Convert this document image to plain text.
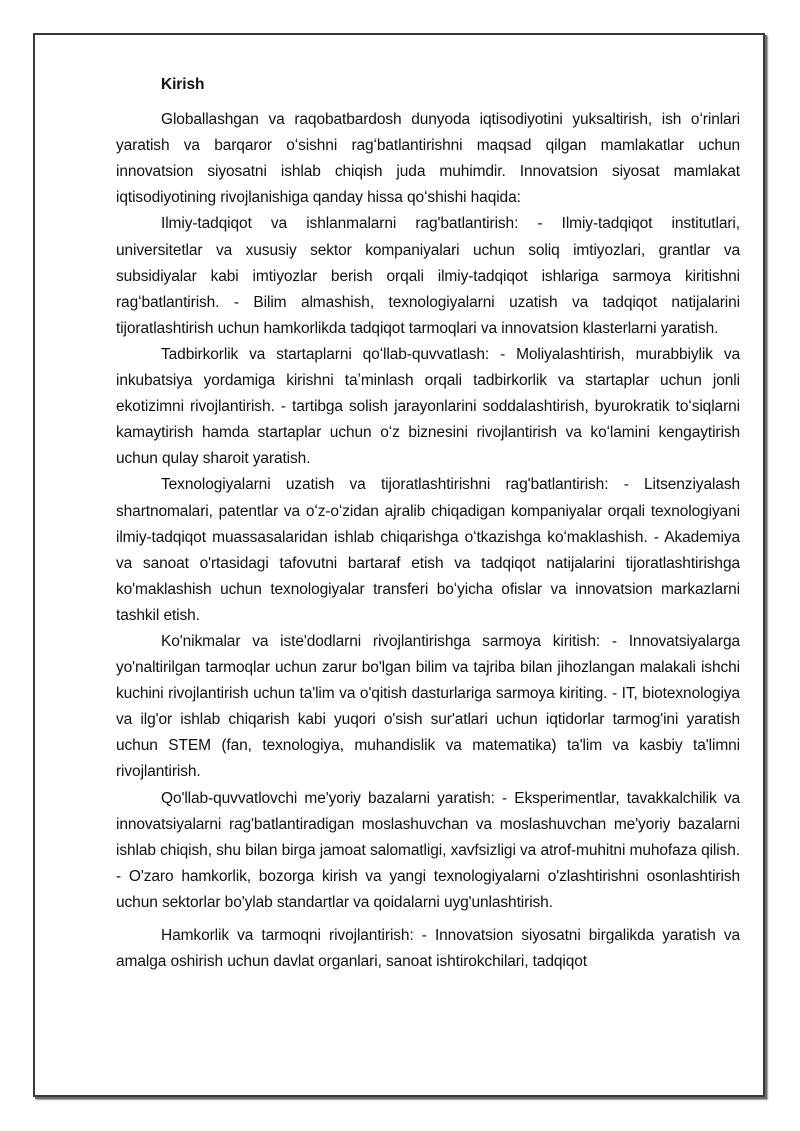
Kirish

Globallashgan va raqobatbardosh dunyoda iqtisodiyotini yuksaltirish, ish oʻrinlari yaratish va barqaror oʻsishni ragʻbatlantirishni maqsad qilgan mamlakatlar uchun innovatsion siyosatni ishlab chiqish juda muhimdir. Innovatsion siyosat mamlakat iqtisodiyotining rivojlanishiga qanday hissa qoʻshishi haqida:

Ilmiy-tadqiqot va ishlanmalarni rag'batlantirish: - Ilmiy-tadqiqot institutlari, universitetlar va xususiy sektor kompaniyalari uchun soliq imtiyozlari, grantlar va subsidiyalar kabi imtiyozlar berish orqali ilmiy-tadqiqot ishlariga sarmoya kiritishni ragʻbatlantirish. - Bilim almashish, texnologiyalarni uzatish va tadqiqot natijalarini tijoratlashtirish uchun hamkorlikda tadqiqot tarmoqlari va innovatsion klasterlarni yaratish.

Tadbirkorlik va startaplarni qoʻllab-quvvatlash: - Moliyalashtirish, murabbiylik va inkubatsiya yordamiga kirishni taʼminlash orqali tadbirkorlik va startaplar uchun jonli ekotizimni rivojlantirish. - tartibga solish jarayonlarini soddalashtirish, byurokratik toʻsiqlarni kamaytirish hamda startaplar uchun oʻz biznesini rivojlantirish va koʻlamini kengaytirish uchun qulay sharoit yaratish.

Texnologiyalarni uzatish va tijoratlashtirishni rag'batlantirish: - Litsenziyalash shartnomalari, patentlar va oʻz-oʻzidan ajralib chiqadigan kompaniyalar orqali texnologiyani ilmiy-tadqiqot muassasalaridan ishlab chiqarishga oʻtkazishga koʻmaklashish. - Akademiya va sanoat o'rtasidagi tafovutni bartaraf etish va tadqiqot natijalarini tijoratlashtirishga ko'maklashish uchun texnologiyalar transferi boʻyicha ofislar va innovatsion markazlarni tashkil etish.

Ko'nikmalar va iste'dodlarni rivojlantirishga sarmoya kiritish: - Innovatsiyalarga yo'naltirilgan tarmoqlar uchun zarur bo'lgan bilim va tajriba bilan jihozlangan malakali ishchi kuchini rivojlantirish uchun ta'lim va o'qitish dasturlariga sarmoya kiriting. - IT, biotexnologiya va ilg'or ishlab chiqarish kabi yuqori o'sish sur'atlari uchun iqtidorlar tarmog'ini yaratish uchun STEM (fan, texnologiya, muhandislik va matematika) ta'lim va kasbiy ta'limni rivojlantirish.

Qo'llab-quvvatlovchi me'yoriy bazalarni yaratish: - Eksperimentlar, tavakkalchilik va innovatsiyalarni rag'batlantiradigan moslashuvchan va moslashuvchan me'yoriy bazalarni ishlab chiqish, shu bilan birga jamoat salomatligi, xavfsizligi va atrof-muhitni muhofaza qilish. - O'zaro hamkorlik, bozorga kirish va yangi texnologiyalarni o'zlashtirishni osonlashtirish uchun sektorlar bo'ylab standartlar va qoidalarni uyg'unlashtirish.

Hamkorlik va tarmoqni rivojlantirish: - Innovatsion siyosatni birgalikda yaratish va amalga oshirish uchun davlat organlari, sanoat ishtirokchilari, tadqiqot
